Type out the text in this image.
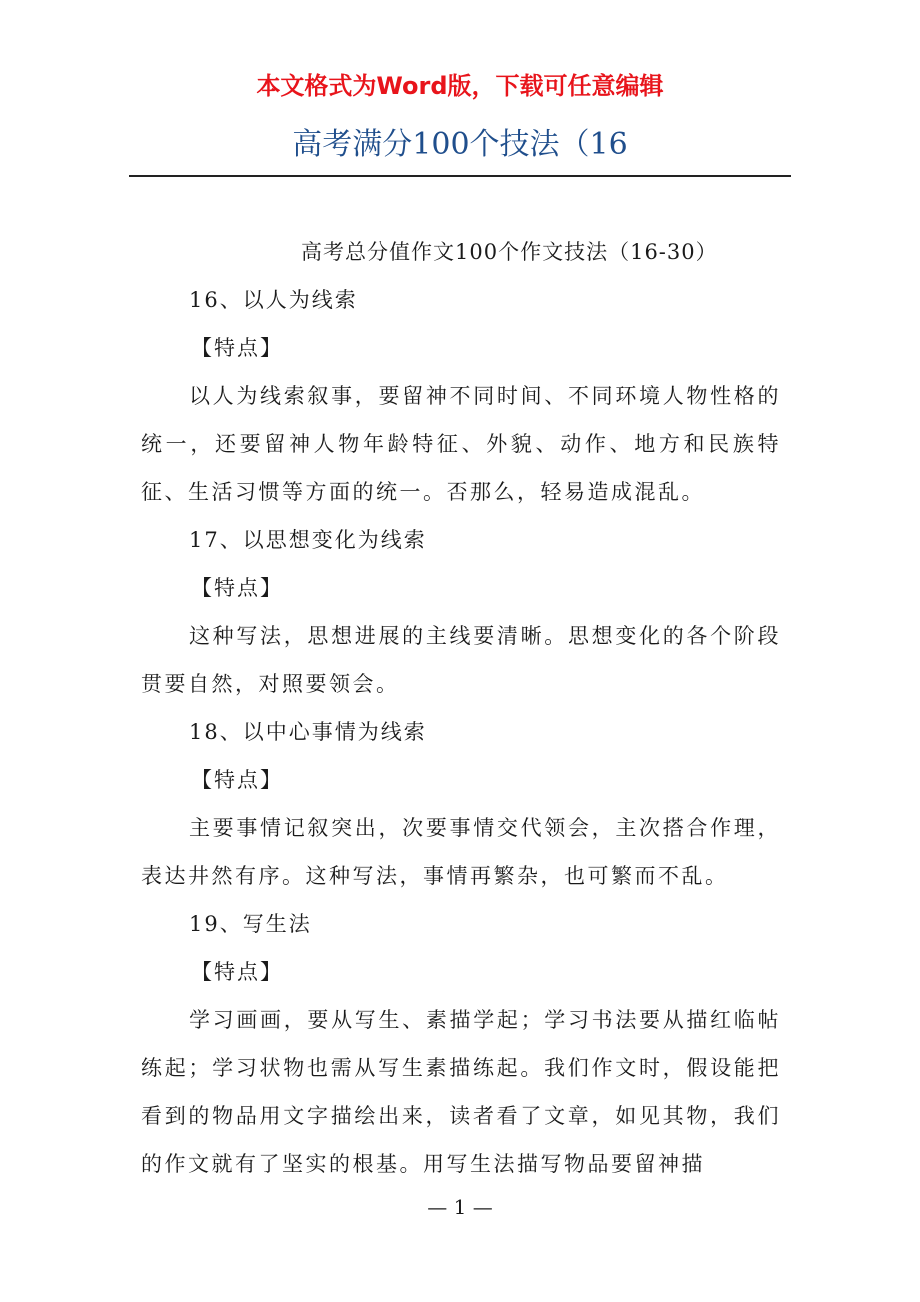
本文格式为Word版，下载可任意编辑
高考满分100个技法（16
高考总分值作文100个作文技法（16-30）
16、以人为线索
【特点】

以人为线索叙事，要留神不同时间、不同环境人物性格的统一，还要留神人物年龄特征、外貌、动作、地方和民族特征、生活习惯等方面的统一。否那么，轻易造成混乱。

17、以思想变化为线索
【特点】

这种写法，思想进展的主线要清晰。思想变化的各个阶段贯要自然，对照要领会。

18、以中心事情为线索
【特点】

主要事情记叙突出，次要事情交代领会，主次搭合作理，表达井然有序。这种写法，事情再繁杂，也可繁而不乱。

19、写生法
【特点】

学习画画，要从写生、素描学起；学习书法要从描红临帖练起；学习状物也需从写生素描练起。我们作文时，假设能把看到的物品用文字描绘出来，读者看了文章，如见其物，我们的作文就有了坚实的根基。用写生法描写物品要留神描

— 1 —
